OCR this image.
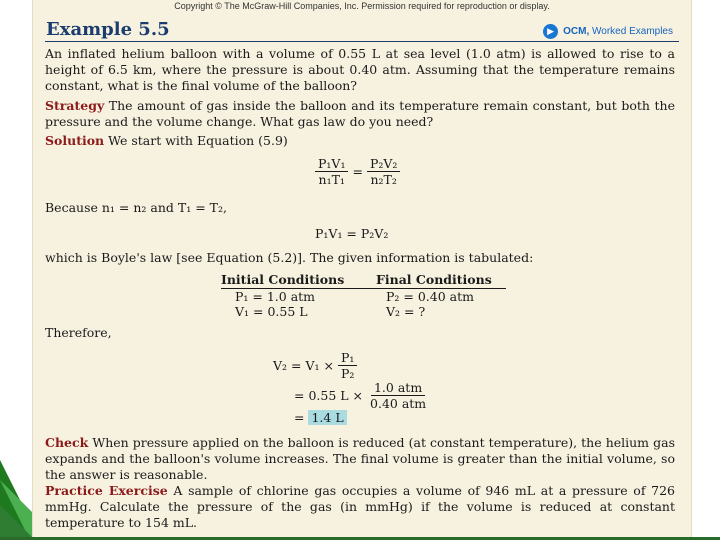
Copyright © The McGraw-Hill Companies, Inc. Permission required for reproduction or display.
Example 5.5	▶ OCM, Worked Examples
An inflated helium balloon with a volume of 0.55 L at sea level (1.0 atm) is allowed to rise to a height of 6.5 km, where the pressure is about 0.40 atm. Assuming that the temperature remains constant, what is the final volume of the balloon?
Strategy The amount of gas inside the balloon and its temperature remain constant, but both the pressure and the volume change. What gas law do you need?
Solution We start with Equation (5.9)
$\frac{\text{P₁V₁}}{\text{n₁T₁}} = \frac{\text{P₂V₂}}{\text{n₂T₂}}$
Because n₁ = n₂ and T₁ = T₂,
P₁V₁ = P₂V₂
which is Boyle's law [see Equation (5.2)]. The given information is tabulated:
Initial Conditions	Final Conditions
P₁ = 1.0 atm	P₂ = 0.40 atm
V₁ = 0.55 L	V₂ = ?
Therefore,
$V_2 = V_1 \times \frac{\text{P₁}}{\text{P₂}}$
= 0.55 $L \times \frac{\text{1.0 atm}}{\text{0.40 atm}}$
= 1.4 L
Check When pressure applied on the balloon is reduced (at constant temperature), the helium gas expands and the balloon's volume increases. The final volume is greater than the initial volume, so the answer is reasonable.
Practice Exercise A sample of chlorine gas occupies a volume of 946 mL at a pressure of 726 mmHg. Calculate the pressure of the gas (in mmHg) if the volume is reduced at constant temperature to 154 mL.
